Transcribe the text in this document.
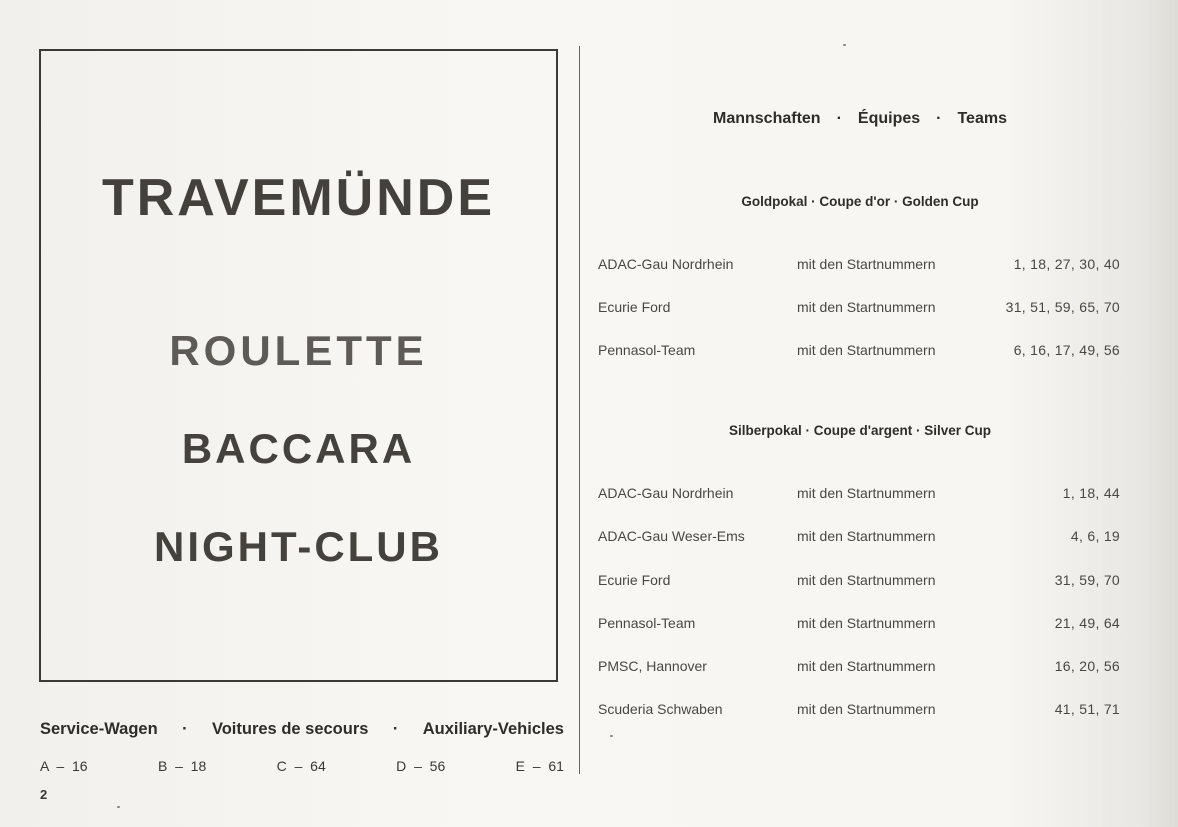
TRAVEMÜNDE
ROULETTE
BACCARA
NIGHT-CLUB
Service-Wagen · Voitures de secours · Auxiliary-Vehicles
A – 16	B – 18	C – 64	D – 56	E – 61
2
Mannschaften · Équipes · Teams
Goldpokal · Coupe d'or · Golden Cup
ADAC-Gau Nordrhein	mit den Startnummern	1, 18, 27, 30, 40
Ecurie Ford	mit den Startnummern	31, 51, 59, 65, 70
Pennasol-Team	mit den Startnummern	6, 16, 17, 49, 56
Silberpokal · Coupe d'argent · Silver Cup
ADAC-Gau Nordrhein	mit den Startnummern	1, 18, 44
ADAC-Gau Weser-Ems	mit den Startnummern	4, 6, 19
Ecurie Ford	mit den Startnummern	31, 59, 70
Pennasol-Team	mit den Startnummern	21, 49, 64
PMSC, Hannover	mit den Startnummern	16, 20, 56
Scuderia Schwaben	mit den Startnummern	41, 51, 71
